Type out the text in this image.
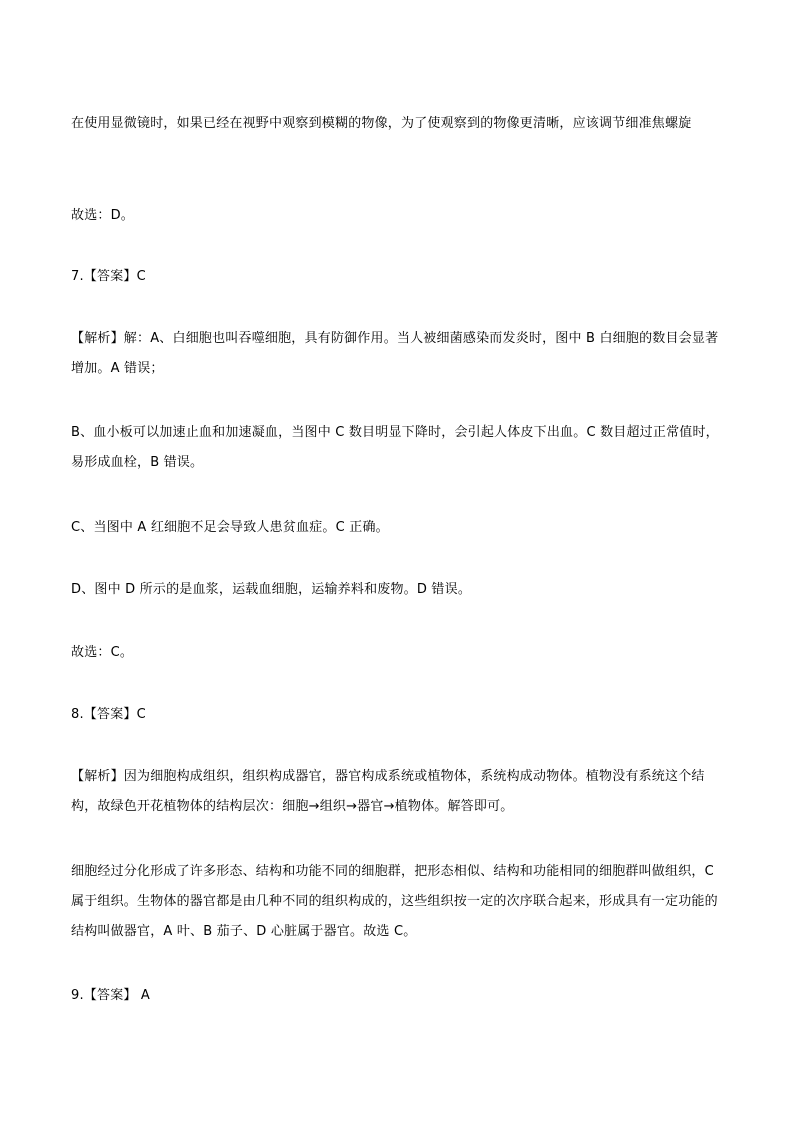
在使用显微镜时，如果已经在视野中观察到模糊的物像，为了使观察到的物像更清晰，应该调节细准焦螺旋
故选：D。
7.【答案】C
【解析】解：A、白细胞也叫吞噬细胞，具有防御作用。当人被细菌感染而发炎时，图中 B 白细胞的数目会显著增加。A 错误；
B、血小板可以加速止血和加速凝血，当图中 C 数目明显下降时，会引起人体皮下出血。C 数目超过正常值时，易形成血栓，B 错误。
C、当图中 A 红细胞不足会导致人患贫血症。C 正确。
D、图中 D 所示的是血浆，运载血细胞，运输养料和废物。D 错误。
故选：C。
8.【答案】C
【解析】因为细胞构成组织，组织构成器官，器官构成系统或植物体，系统构成动物体。植物没有系统这个结构，故绿色开花植物体的结构层次：细胞→组织→器官→植物体。解答即可。
细胞经过分化形成了许多形态、结构和功能不同的细胞群，把形态相似、结构和功能相同的细胞群叫做组织，C 属于组织。生物体的器官都是由几种不同的组织构成的，这些组织按一定的次序联合起来，形成具有一定功能的结构叫做器官，A 叶、B 茄子、D 心脏属于器官。故选 C。
9.【答案】 A
